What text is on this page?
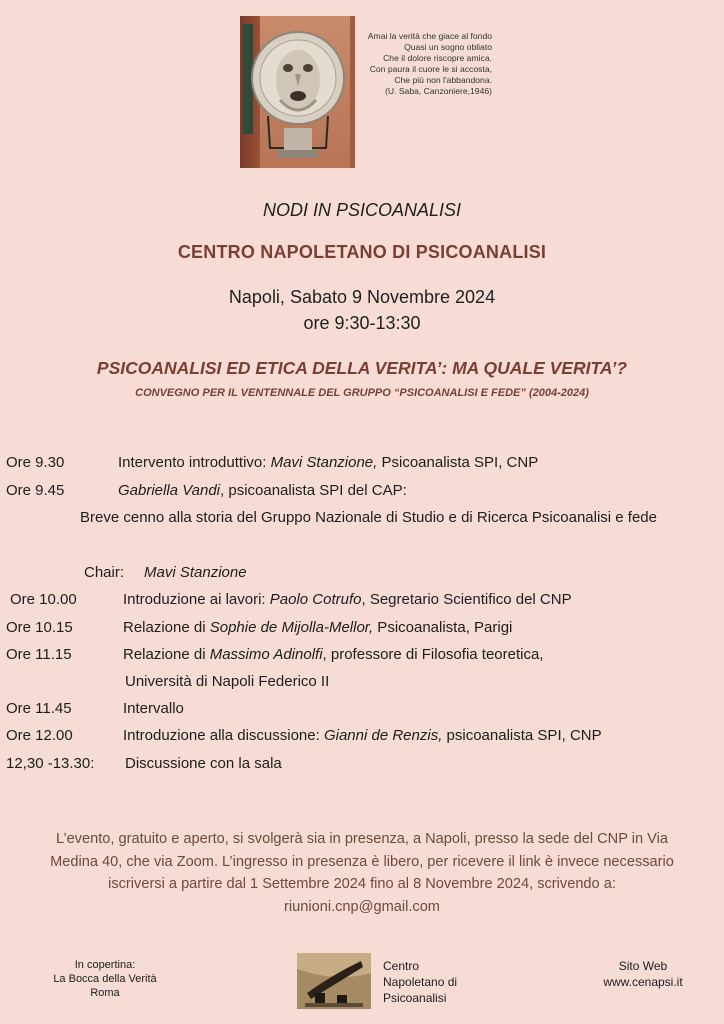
Amai la verità che giace al fondo
Quasi un sogno obliato
Che il dolore riscopre amica.
Con paura il cuore le si accosta,
Che più non l'abbandona.
(U. Saba, Canzoniere,1946)
NODI IN PSICOANALISI
CENTRO NAPOLETANO DI PSICOANALISI
Napoli, Sabato 9 Novembre 2024
ore 9:30-13:30
PSICOANALISI ED ETICA DELLA VERITA’: MA QUALE VERITA’?
CONVEGNO PER IL VENTENNALE DEL GRUPPO “PSICOANALISI E FEDE” (2004-2024)
Ore 9.30	Intervento introduttivo: Mavi Stanzione, Psicoanalista SPI, CNP
Ore 9.45	Gabriella Vandi, psicoanalista SPI del CAP:
Breve cenno alla storia del Gruppo Nazionale di Studio e di Ricerca Psicoanalisi e fede
Chair: Mavi Stanzione
Ore 10.00	Introduzione ai lavori: Paolo Cotrufo, Segretario Scientifico del CNP
Ore 10.15	Relazione di Sophie de Mijolla-Mellor, Psicoanalista, Parigi
Ore 11.15	Relazione di Massimo Adinolfi, professore di Filosofia teoretica,
Università di Napoli Federico II
Ore 11.45	Intervallo
Ore 12.00	Introduzione alla discussione: Gianni de Renzis, psicoanalista SPI, CNP
12,30 -13.30: Discussione con la sala
L’evento, gratuito e aperto, si svolgerà sia in presenza, a Napoli, presso la sede del CNP in Via
Medina 40, che via Zoom. L’ingresso in presenza è libero, per ricevere il link è invece necessario
iscriversi a partire dal 1 Settembre 2024 fino al 8 Novembre 2024, scrivendo a:
riunioni.cnp@gmail.com
In copertina:
La Bocca della Verità
Roma
Centro
Napoletano di
Psicoanalisi
Sito Web
www.cenapsi.it
